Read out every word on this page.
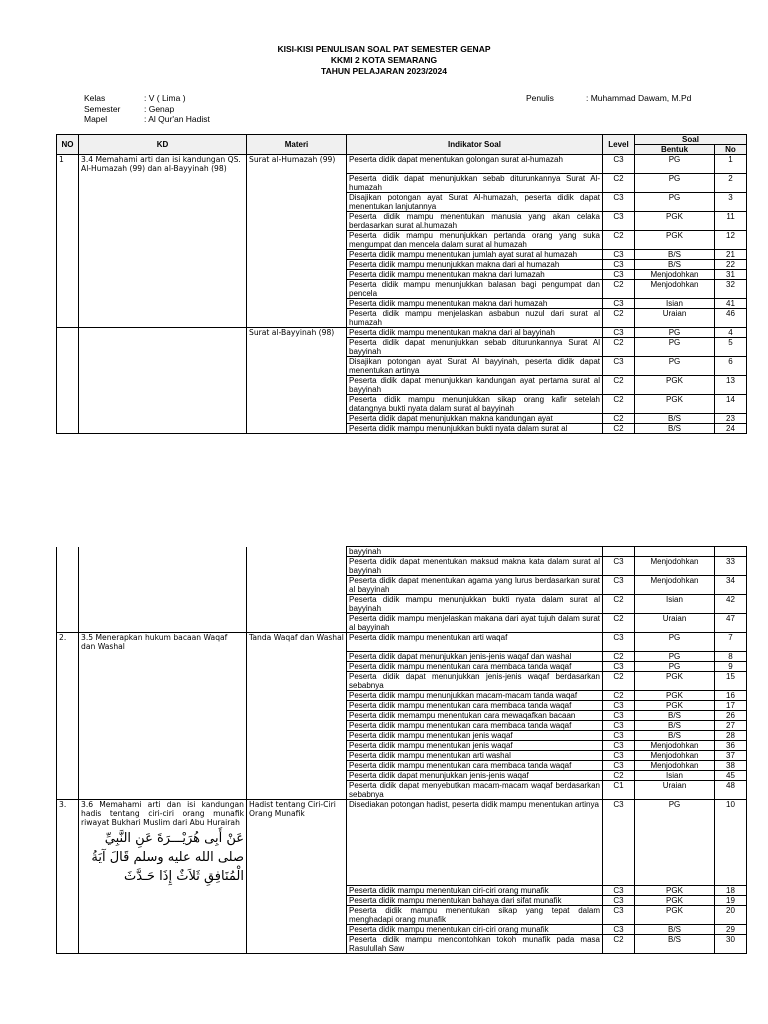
KISI-KISI PENULISAN SOAL PAT SEMESTER GENAP
KKMI 2 KOTA SEMARANG
TAHUN PELAJARAN 2023/2024
Kelas	: V ( Lima )
Semester	: Genap
Mapel	: Al Qur'an Hadist
Penulis	: Muhammad Dawam, M.Pd
NO	KD	Materi	Indikator Soal	Level	Soal	
					Bentuk	No
1	3.4 Memahami arti dan isi kandungan QS. Al-Humazah (99) dan al-Bayyinah (98)	Surat al-Humazah (99)	Peserta didik dapat menentukan golongan surat al-humazah	C3	PG	1
			Peserta didik dapat menunjukkan sebab diturunkannya Surat Al-humazah	C2	PG	2
			Disajikan potongan ayat Surat Al-humazah, peserta didik dapat menentukan lanjutannya	C3	PG	3
			Peserta didik mampu menentukan manusia yang akan celaka berdasarkan surat al.humazah	C3	PGK	11
			Peserta didik mampu menunjukkan pertanda orang yang suka mengumpat dan mencela dalam surat al humazah	C2	PGK	12
			Peserta didik mampu menentukan jumlah ayat surat al humazah	C3	B/S	21
			Peserta didik mampu menunjukkan makna dari al humazah	C3	B/S	22
			Peserta didik mampu menentukan makna dari lumazah	C3	Menjodohkan	31
			Peserta didik mampu menunjukkan balasan bagi pengumpat dan pencela	C2	Menjodohkan	32
			Peserta didik mampu menentukan makna dari humazah	C3	Isian	41
			Peserta didik mampu menjelaskan asbabun nuzul dari surat al humazah	C2	Uraian	46
		Surat al-Bayyinah (98)	Peserta didik mampu menentukan makna dari al bayyinah	C3	PG	4
			Peserta didik dapat menunjukkan sebab diturunkannya Surat Al bayyinah	C2	PG	5
			Disajikan potongan ayat Surat Al bayyinah, peserta didik dapat menentukan artinya	C3	PG	6
			Peserta didik dapat menunjukkan kandungan ayat pertama surat al bayyinah	C2	PGK	13
			Peserta didik mampu menunjukkan sikap orang kafir setelah datangnya bukti nyata dalam surat al bayyinah	C2	PGK	14
			Peserta didik dapat menunjukkan makna kandungan ayat	C2	B/S	23
			Peserta didik mampu menunjukkan bukti nyata dalam surat al	C2	B/S	24
			bayyinah			
			Peserta didik dapat menentukan maksud makna kata dalam surat al bayyinah	C3	Menjodohkan	33
			Peserta didik dapat menentukan agama yang lurus berdasarkan surat al bayyinah	C3	Menjodohkan	34
			Peserta didik mampu menunjukkan bukti nyata dalam surat al bayyinah	C2	Isian	42
			Peserta didik mampu menjelaskan makana dari ayat tujuh dalam surat al bayyinah	C2	Uraian	47
2.	3.5 Menerapkan hukum bacaan Waqaf dan Washal	Tanda Waqaf dan Washal	Peserta didik mampu menentukan arti waqaf	C3	PG	7
			Peserta didik dapat menunjukkan jenis-jenis waqaf dan washal	C2	PG	8
			Peserta didik mampu menentukan cara membaca tanda waqaf	C3	PG	9
			Peserta didik dapat menunjukkan jenis-jenis waqaf berdasarkan sebabnya	C2	PGK	15
			Peserta didik mampu menunjukkan macam-macam tanda waqaf	C2	PGK	16
			Peserta didik mampu menentukan cara membaca tanda waqaf	C3	PGK	17
			Peserta didik memampu menentukan cara mewaqafkan bacaan	C3	B/S	26
			Peserta didik mampu menentukan cara membaca tanda waqaf	C3	B/S	27
			Peserta didik mampu menentukan jenis waqaf	C3	B/S	28
			Peserta didik mampu menentukan jenis waqaf	C3	Menjodohkan	36
			Peserta didik mampu menentukan arti washal	C3	Menjodohkan	37
			Peserta didik mampu menentukan cara membaca tanda waqaf	C3	Menjodohkan	38
			Peserta didik dapat menunjukkan jenis-jenis waqaf	C2	Isian	45
			Peserta didik dapat menyebutkan macam-macam waqaf berdasarkan sebabnya	C1	Uraian	48
3.	3.6 Memahami arti dan isi kandungan hadis tentang ciri-ciri orang munafik riwayat Bukhari Muslim dari Abu Hurairah
عَنْ أَبِى هُرَيْـــرَةَ عَنِ النَّبِيِّ صلى الله عليه وسلم قَالَ آيَةُ الْمُنَافِقِ ثَلاَثٌ إِذَا حَـدَّثَ	Hadist tentang Ciri-Ciri Orang Munafik	Disediakan potongan hadist, peserta didik mampu menentukan artinya	C3	PG	10
			Peserta didik mampu menentukan ciri-ciri orang munafik	C3	PGK	18
			Peserta didik mampu menentukan bahaya dari sifat munafik	C3	PGK	19
			Peserta didik mampu menentukan sikap yang tepat dalam menghadapi orang munafik	C3	PGK	20
			Peserta didik mampu menentukan ciri-ciri orang munafik	C3	B/S	29
			Peserta didik mampu mencontohkan tokoh munafik pada masa Rasulullah Saw	C2	B/S	30
